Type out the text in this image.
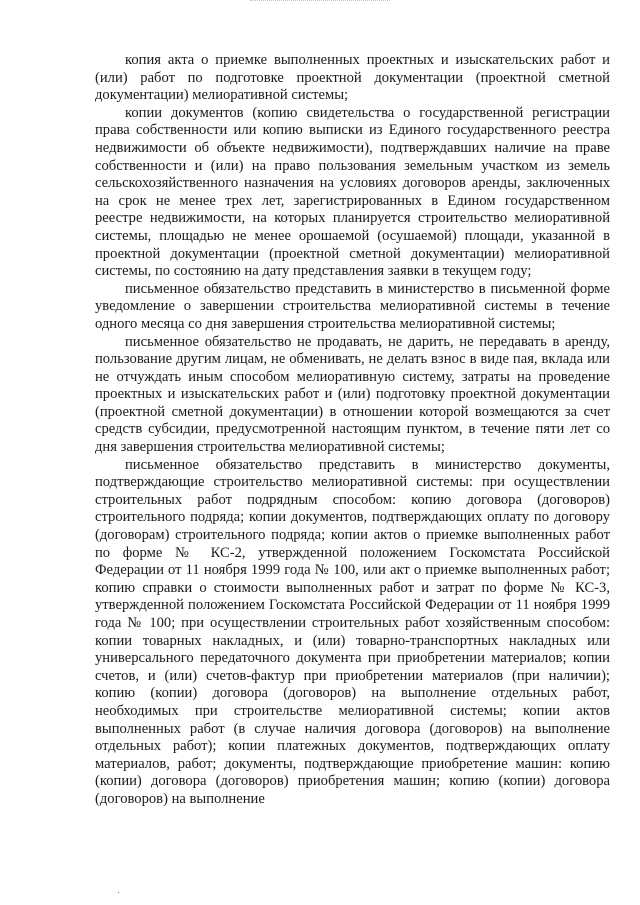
копия акта о приемке выполненных проектных и изыскательских работ и (или) работ по подготовке проектной документации (проектной сметной документации) мелиоративной системы;

копии документов (копию свидетельства о государственной регистрации права собственности или копию выписки из Единого государственного реестра недвижимости об объекте недвижимости), подтверждавших наличие на праве собственности и (или) на право пользования земельным участком из земель сельскохозяйственного назначения на условиях договоров аренды, заключенных на срок не менее трех лет, зарегистрированных в Едином государственном реестре недвижимости, на которых планируется строительство мелиоративной системы, площадью не менее орошаемой (осушаемой) площади, указанной в проектной документации (проектной сметной документации) мелиоративной системы, по состоянию на дату представления заявки в текущем году;

письменное обязательство представить в министерство в письменной форме уведомление о завершении строительства мелиоративной системы в течение одного месяца со дня завершения строительства мелиоративной системы;

письменное обязательство не продавать, не дарить, не передавать в аренду, пользование другим лицам, не обменивать, не делать взнос в виде пая, вклада или не отчуждать иным способом мелиоративную систему, затраты на проведение проектных и изыскательских работ и (или) подготовку проектной документации (проектной сметной документации) в отношении которой возмещаются за счет средств субсидии, предусмотренной настоящим пунктом, в течение пяти лет со дня завершения строительства мелиоративной системы;

письменное обязательство представить в министерство документы, подтверждающие строительство мелиоративной системы: при осуществлении строительных работ подрядным способом: копию договора (договоров) строительного подряда; копии документов, подтверждающих оплату по договору (договорам) строительного подряда; копии актов о приемке выполненных работ по форме № КС-2, утвержденной положением Госкомстата Российской Федерации от 11 ноября 1999 года № 100, или акт о приемке выполненных работ; копию справки о стоимости выполненных работ и затрат по форме № КС-3, утвержденной положением Госкомстата Российской Федерации от 11 ноября 1999 года № 100; при осуществлении строительных работ хозяйственным способом: копии товарных накладных, и (или) товарно-транспортных накладных или универсального передаточного документа при приобретении материалов; копии счетов, и (или) счетов-фактур при приобретении материалов (при наличии); копию (копии) договора (договоров) на выполнение отдельных работ, необходимых при строительстве мелиоративной системы; копии актов выполненных работ (в случае наличия договора (договоров) на выполнение отдельных работ); копии платежных документов, подтверждающих оплату материалов, работ; документы, подтверждающие приобретение машин: копию (копии) договора (договоров) приобретения машин; копию (копии) договора (договоров) на выполнение

·
